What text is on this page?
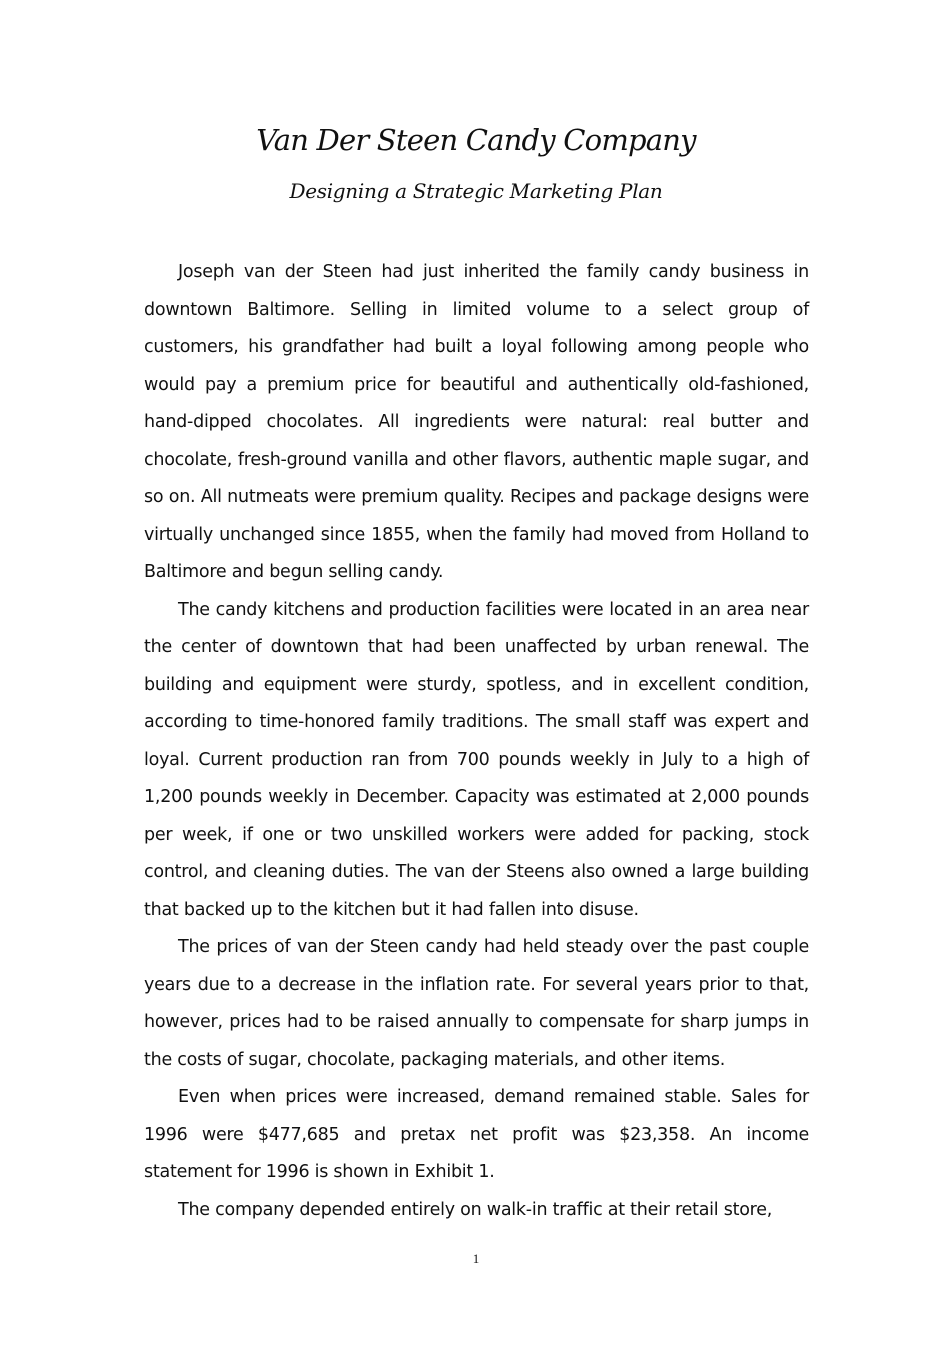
Van Der Steen Candy Company
Designing a Strategic Marketing Plan

Joseph van der Steen had just inherited the family candy business in downtown Baltimore. Selling in limited volume to a select group of customers, his grandfather had built a loyal following among people who would pay a premium price for beautiful and authentically old-fashioned, hand-dipped chocolates. All ingredients were natural: real butter and chocolate, fresh-ground vanilla and other flavors, authentic maple sugar, and so on. All nutmeats were premium quality. Recipes and package designs were virtually unchanged since 1855, when the family had moved from Holland to Baltimore and begun selling candy.

The candy kitchens and production facilities were located in an area near the center of downtown that had been unaffected by urban renewal. The building and equipment were sturdy, spotless, and in excellent condition, according to time-honored family traditions. The small staff was expert and loyal. Current production ran from 700 pounds weekly in July to a high of 1,200 pounds weekly in December. Capacity was estimated at 2,000 pounds per week, if one or two unskilled workers were added for packing, stock control, and cleaning duties. The van der Steens also owned a large building that backed up to the kitchen but it had fallen into disuse.

The prices of van der Steen candy had held steady over the past couple years due to a decrease in the inflation rate. For several years prior to that, however, prices had to be raised annually to compensate for sharp jumps in the costs of sugar, chocolate, packaging materials, and other items.

Even when prices were increased, demand remained stable. Sales for 1996 were $477,685 and pretax net profit was $23,358. An income statement for 1996 is shown in Exhibit 1.

The company depended entirely on walk-in traffic at their retail store,

1
